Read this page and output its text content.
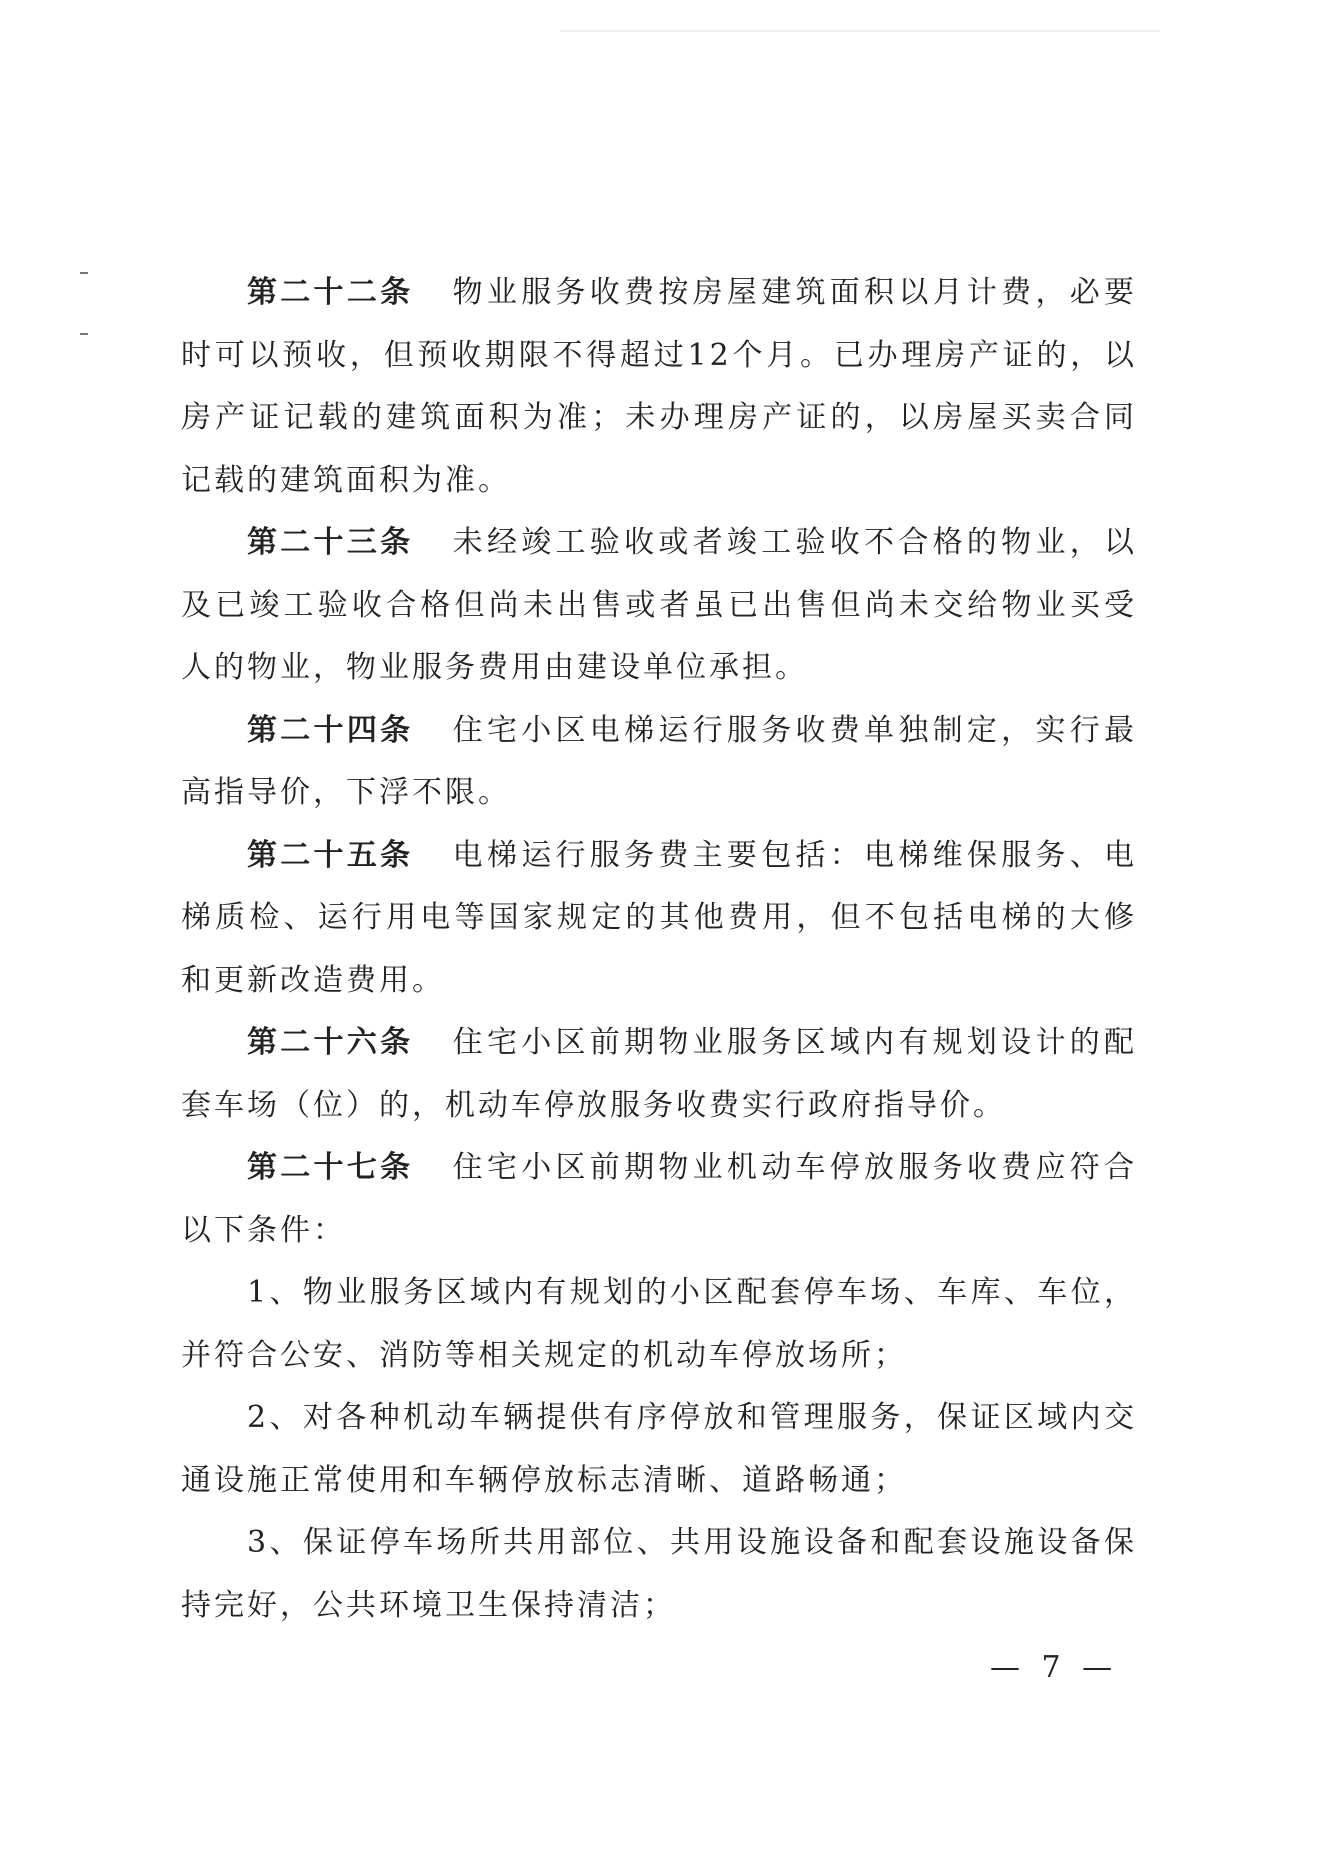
第二十二条 物业服务收费按房屋建筑面积以月计费，必要时可以预收，但预收期限不得超过12个月。已办理房产证的，以房产证记载的建筑面积为准；未办理房产证的，以房屋买卖合同记载的建筑面积为准。

第二十三条 未经竣工验收或者竣工验收不合格的物业，以及已竣工验收合格但尚未出售或者虽已出售但尚未交给物业买受人的物业，物业服务费用由建设单位承担。

第二十四条 住宅小区电梯运行服务收费单独制定，实行最高指导价，下浮不限。

第二十五条 电梯运行服务费主要包括：电梯维保服务、电梯质检、运行用电等国家规定的其他费用，但不包括电梯的大修和更新改造费用。

第二十六条 住宅小区前期物业服务区域内有规划设计的配套车场（位）的，机动车停放服务收费实行政府指导价。

第二十七条 住宅小区前期物业机动车停放服务收费应符合以下条件：

1、物业服务区域内有规划的小区配套停车场、车库、车位，并符合公安、消防等相关规定的机动车停放场所；

2、对各种机动车辆提供有序停放和管理服务，保证区域内交通设施正常使用和车辆停放标志清晰、道路畅通；

3、保证停车场所共用部位、共用设施设备和配套设施设备保持完好，公共环境卫生保持清洁；

— 7 —
